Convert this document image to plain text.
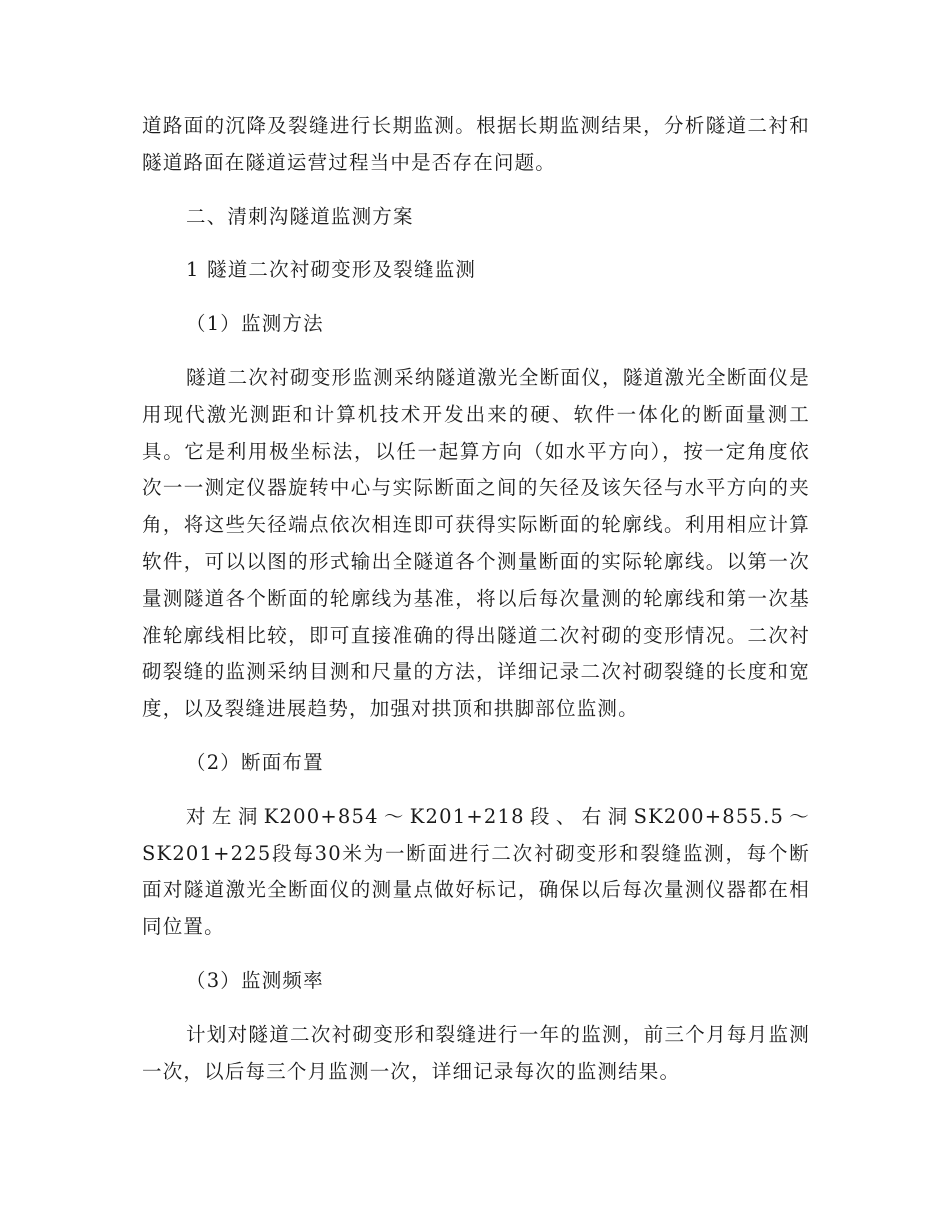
道路面的沉降及裂缝进行长期监测。根据长期监测结果，分析隧道二衬和隧道路面在隧道运营过程当中是否存在问题。

二、清刺沟隧道监测方案

1 隧道二次衬砌变形及裂缝监测

（1）监测方法

隧道二次衬砌变形监测采纳隧道激光全断面仪，隧道激光全断面仪是用现代激光测距和计算机技术开发出来的硬、软件一体化的断面量测工具。它是利用极坐标法，以任一起算方向（如水平方向），按一定角度依次一一测定仪器旋转中心与实际断面之间的矢径及该矢径与水平方向的夹角，将这些矢径端点依次相连即可获得实际断面的轮廓线。利用相应计算软件，可以以图的形式输出全隧道各个测量断面的实际轮廓线。以第一次量测隧道各个断面的轮廓线为基准，将以后每次量测的轮廓线和第一次基准轮廓线相比较，即可直接准确的得出隧道二次衬砌的变形情况。二次衬砌裂缝的监测采纳目测和尺量的方法，详细记录二次衬砌裂缝的长度和宽度，以及裂缝进展趋势，加强对拱顶和拱脚部位监测。

（2）断面布置

对左洞K200+854～K201+218段、右洞SK200+855.5～SK201+225段每30米为一断面进行二次衬砌变形和裂缝监测，每个断面对隧道激光全断面仪的测量点做好标记，确保以后每次量测仪器都在相同位置。

（3）监测频率

计划对隧道二次衬砌变形和裂缝进行一年的监测，前三个月每月监测一次，以后每三个月监测一次，详细记录每次的监测结果。
